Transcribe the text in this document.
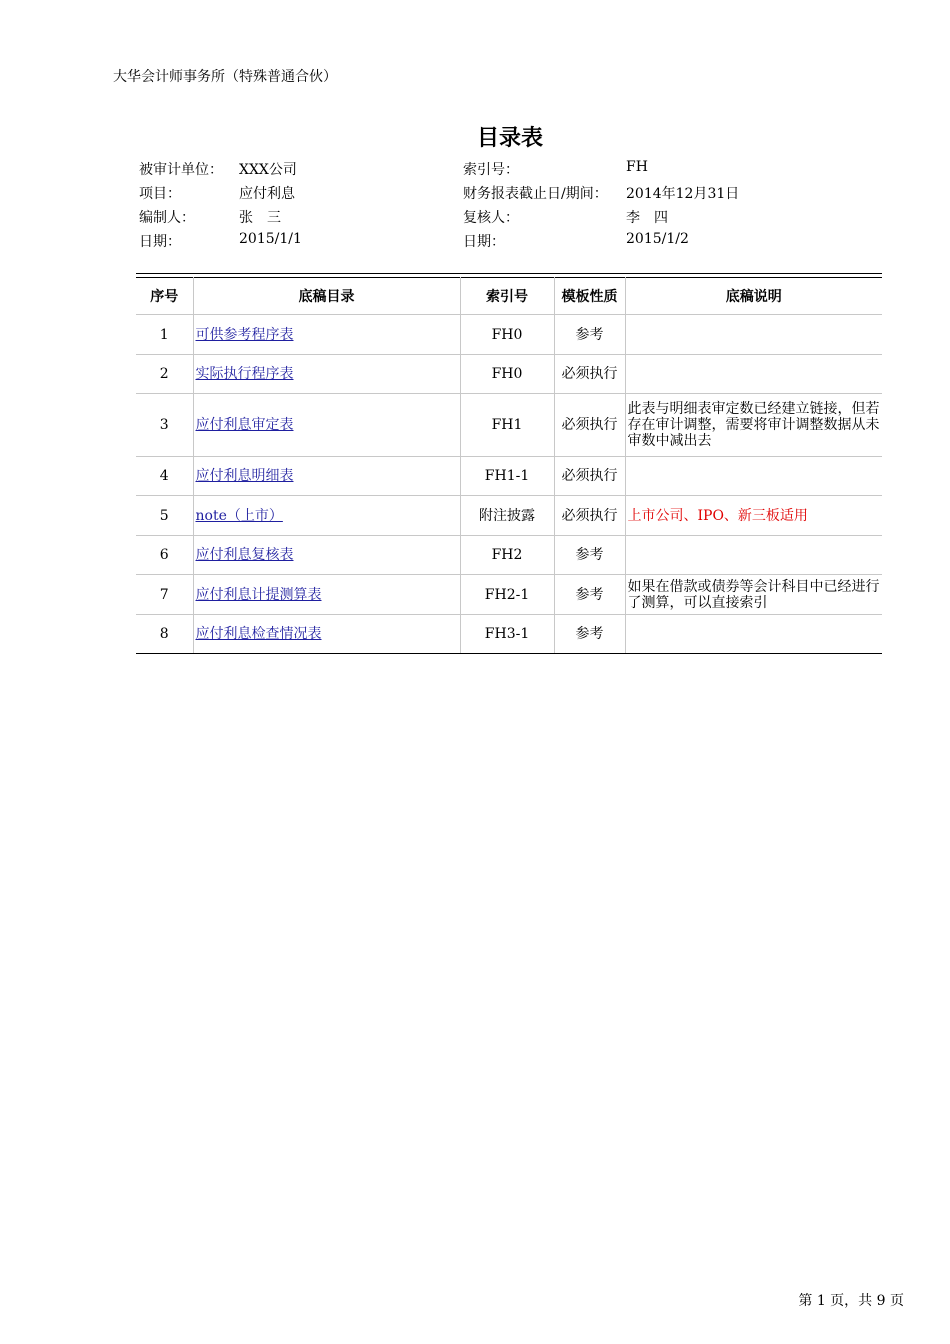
大华会计师事务所（特殊普通合伙）
目录表
被审计单位： XXX公司	索引号：	FH
项目：	应付利息	财务报表截止日/期间： 2014年12月31日
编制人：	张　三	复核人：	李　四
日期：	2015/1/1	日期：	2015/1/2
序号	底稿目录	索引号	模板性质	底稿说明
1	可供参考程序表	FH0	参考	
2	实际执行程序表	FH0	必须执行	
3	应付利息审定表	FH1	必须执行	此表与明细表审定数已经建立链接，但若存在审计调整，需要将审计调整数据从未审数中减出去
4	应付利息明细表	FH1-1	必须执行	
5	note（上市）	附注披露	必须执行	上市公司、IPO、新三板适用
6	应付利息复核表	FH2	参考	
7	应付利息计提测算表	FH2-1	参考	如果在借款或债券等会计科目中已经进行了测算，可以直接索引
8	应付利息检查情况表	FH3-1	参考	
第 1 页，共 9 页
